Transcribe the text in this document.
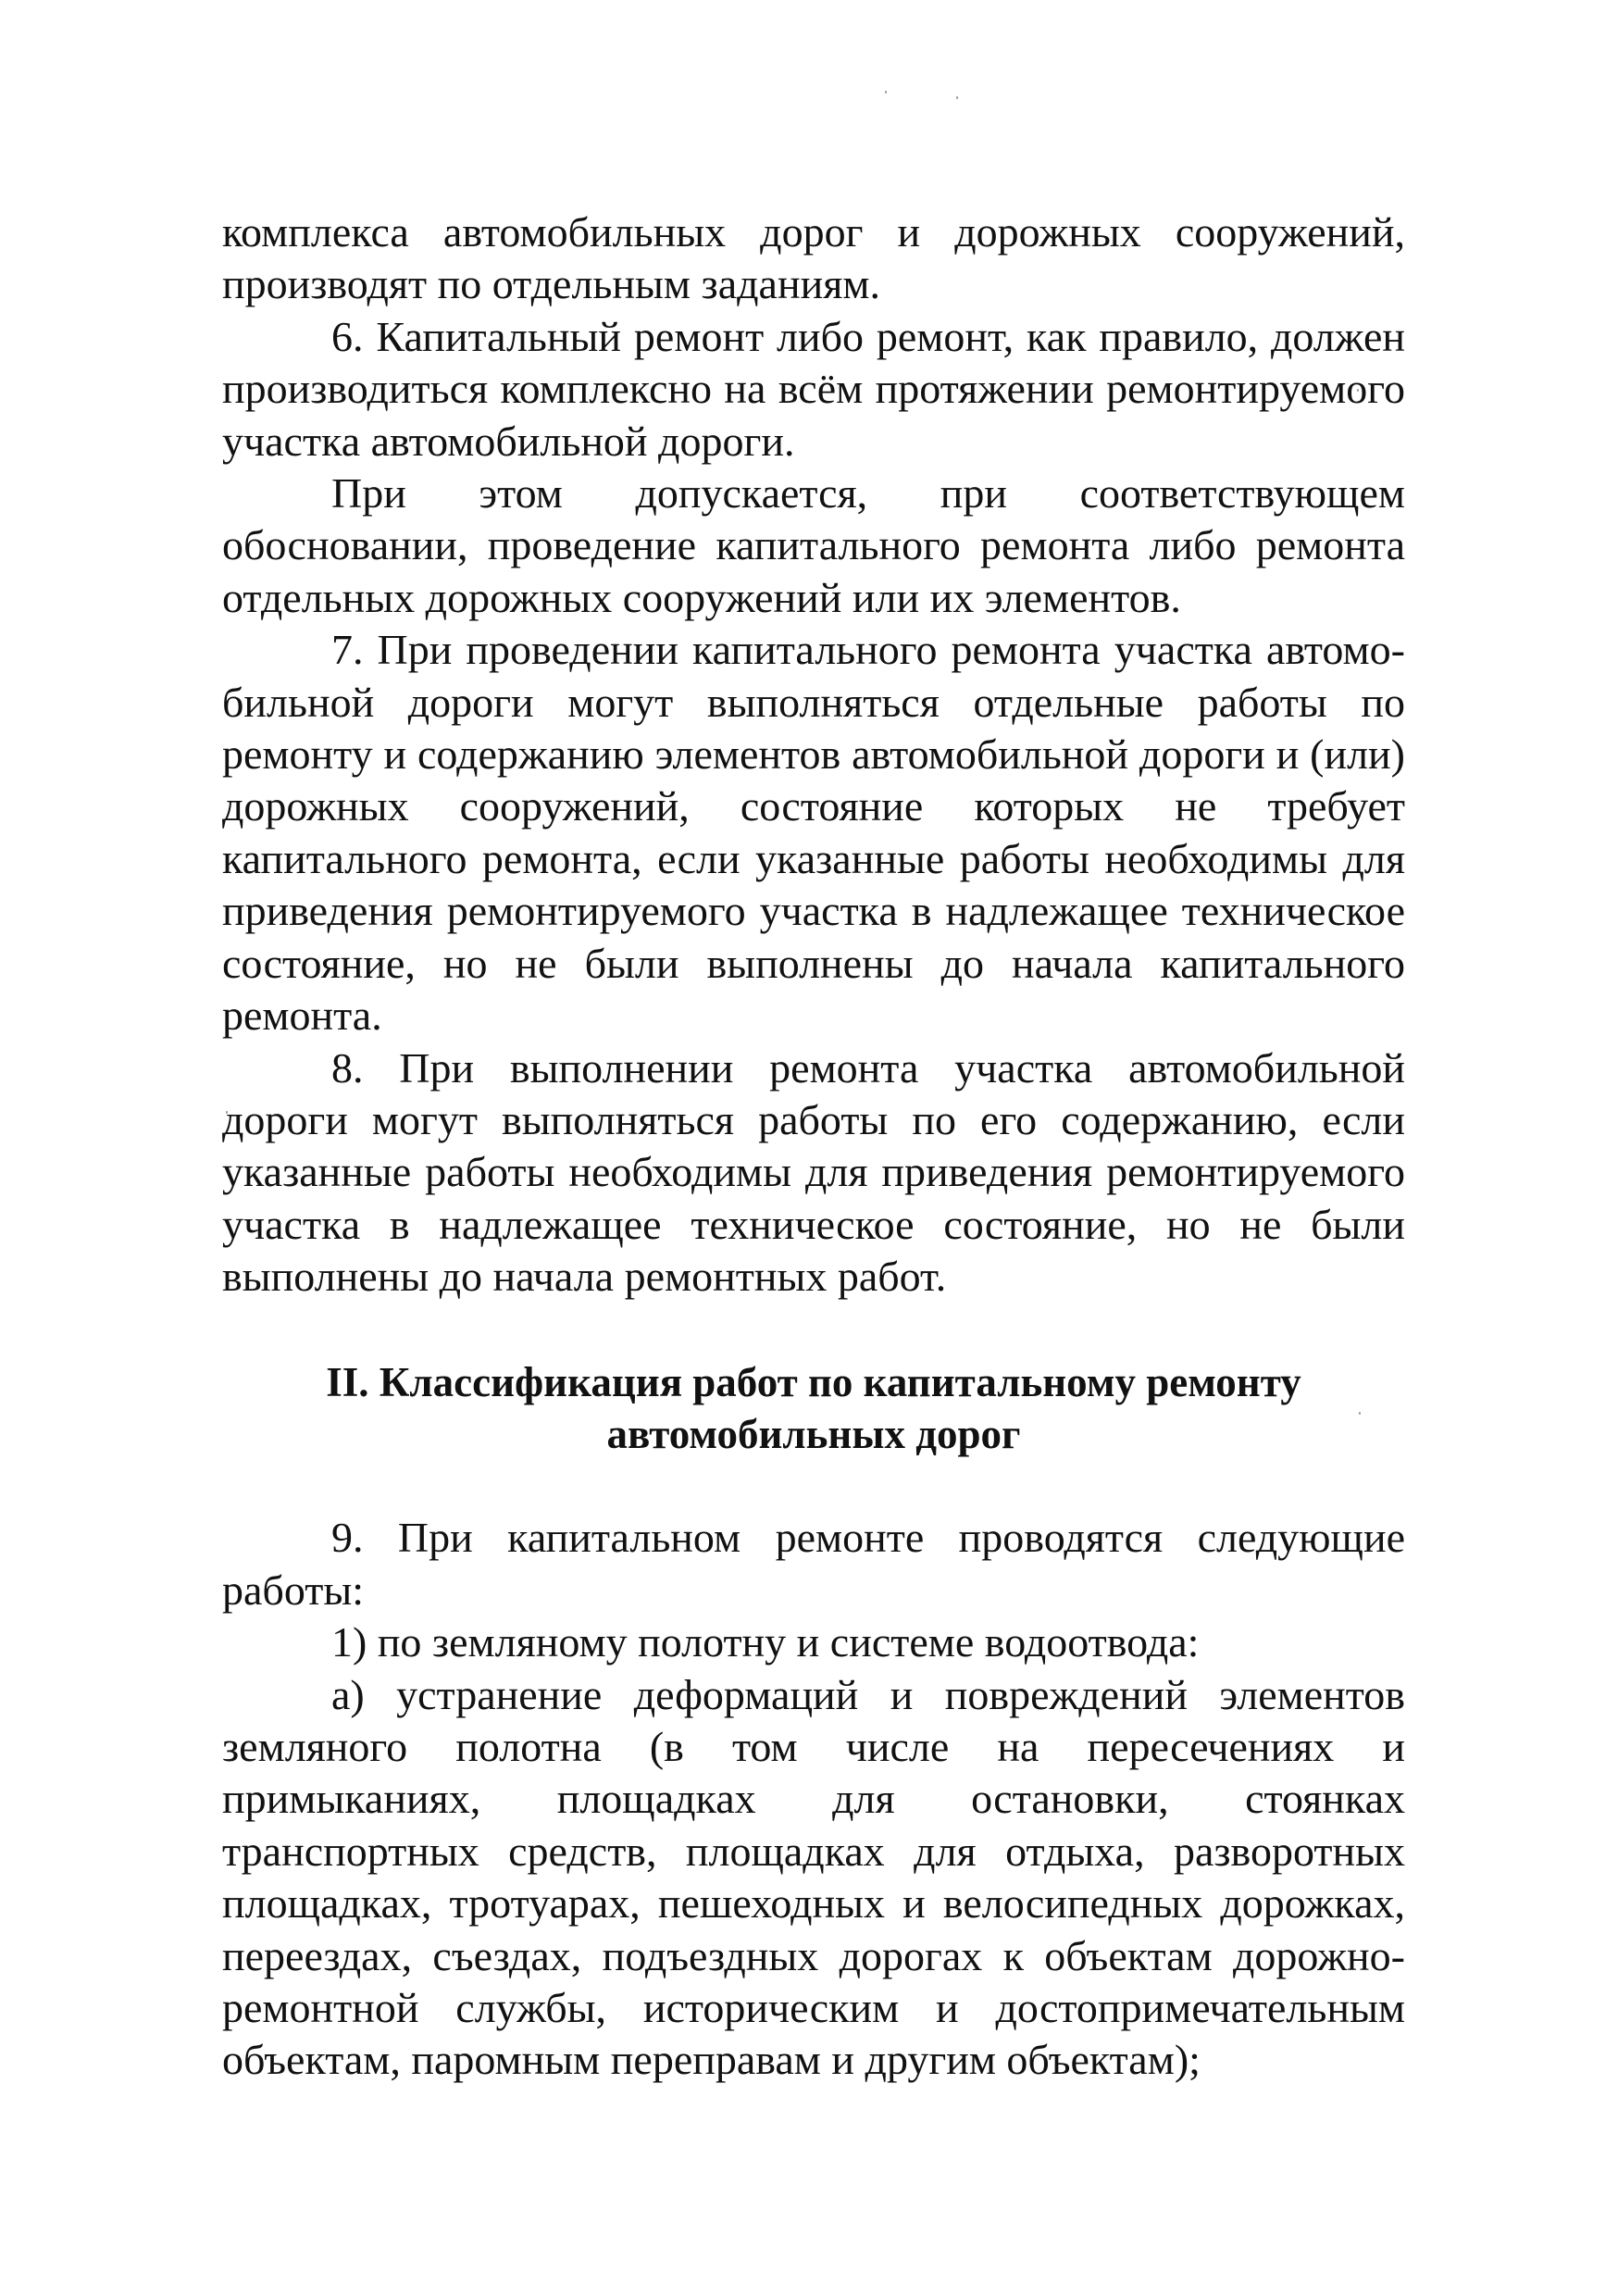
комплекса автомобильных дорог и дорожных сооружений, производят по отдельным заданиям.

6. Капитальный ремонт либо ремонт, как правило, должен производиться комплексно на всём протяжении ремонтируемого участка автомобильной дороги.

При этом допускается, при соответствующем обосновании, проведение капитального ремонта либо ремонта отдельных дорожных сооружений или их элементов.

7. При проведении капитального ремонта участка автомобильной дороги могут выполняться отдельные работы по ремонту и содержанию элементов автомобильной дороги и (или) дорожных сооружений, состояние которых не требует капитального ремонта, если указанные работы необходимы для приведения ремонтируемого участка в надлежащее техническое состояние, но не были выполнены до начала капитального ремонта.

8. При выполнении ремонта участка автомобильной дороги могут выполняться работы по его содержанию, если указанные работы необходимы для приведения ремонтируемого участка в надлежащее техническое состояние, но не были выполнены до начала ремонтных работ.

II. Классификация работ по капитальному ремонту
автомобильных дорог

9. При капитальном ремонте проводятся следующие работы:

1) по земляному полотну и системе водоотвода:

а) устранение деформаций и повреждений элементов земляного полотна (в том числе на пересечениях и примыканиях, площадках для остановки, стоянках транспортных средств, площадках для отдыха, разворотных площадках, тротуарах, пешеходных и велосипедных дорожках, переездах, съездах, подъездных дорогах к объектам дорожно-ремонтной службы, историческим и достопримечательным объектам, паромным переправам и другим объектам);
